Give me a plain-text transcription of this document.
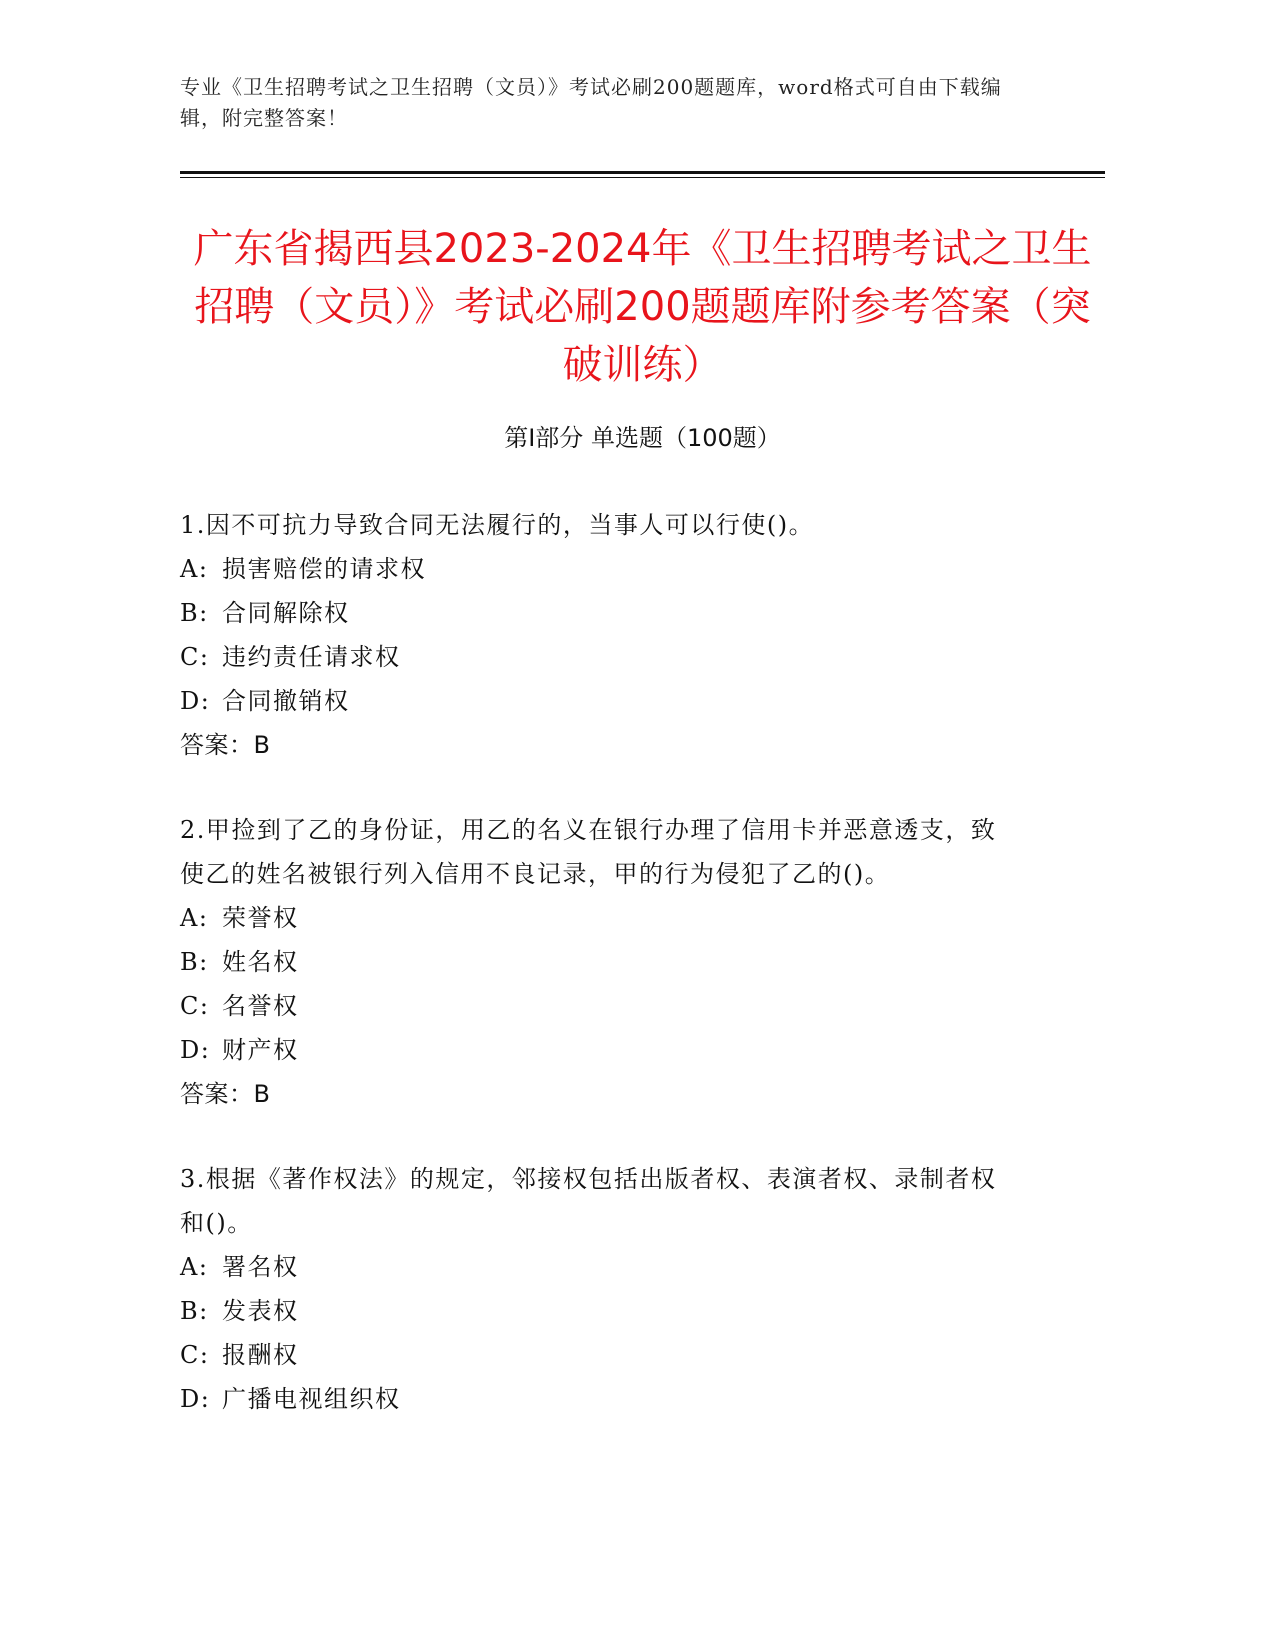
专业《卫生招聘考试之卫生招聘（文员）》考试必刷200题题库，word格式可自由下载编辑，附完整答案！
广东省揭西县2023-2024年《卫生招聘考试之卫生招聘（文员）》考试必刷200题题库附参考答案（突破训练）
第Ⅰ部分 单选题（100题）

1.因不可抗力导致合同无法履行的，当事人可以行使()。

A: 损害赔偿的请求权

B: 合同解除权

C: 违约责任请求权

D: 合同撤销权

答案：B

2.甲捡到了乙的身份证，用乙的名义在银行办理了信用卡并恶意透支，致使乙的姓名被银行列入信用不良记录，甲的行为侵犯了乙的()。

A: 荣誉权

B: 姓名权

C: 名誉权

D: 财产权

答案：B

3.根据《著作权法》的规定，邻接权包括出版者权、表演者权、录制者权和()。

A: 署名权

B: 发表权

C: 报酬权

D: 广播电视组织权
